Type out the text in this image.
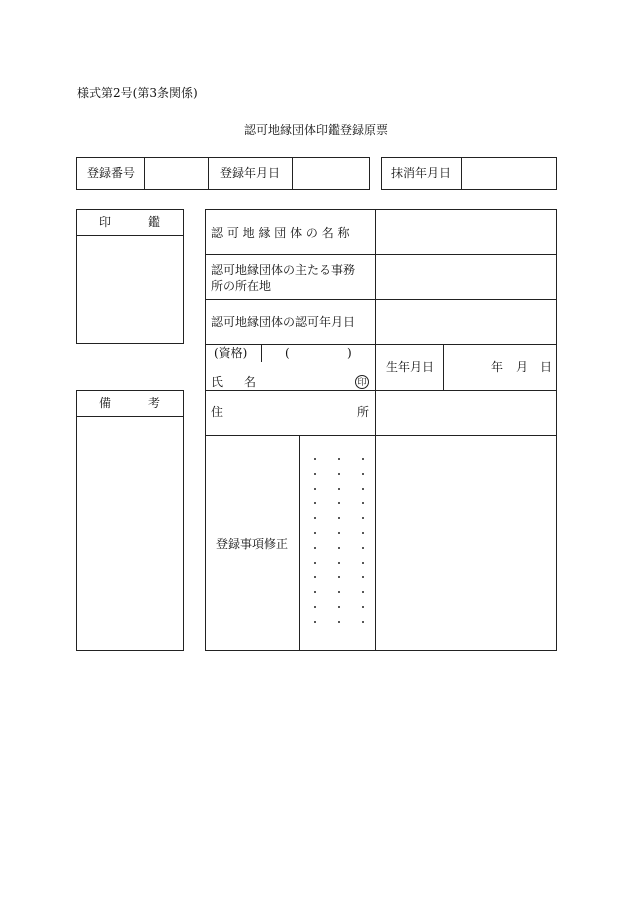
様式第2号(第3条関係)
認可地縁団体印鑑登録原票
登録番号	登録年月日	抹消年月日
印	鑑
備	考
認 可 地 縁 団 体 の 名 称
認可地縁団体の主たる事務
所の所在地
認可地縁団体の認可年月日
(資格)	(	)
氏 名	印
生年月日	年 月 日
住	所
登録事項修正
